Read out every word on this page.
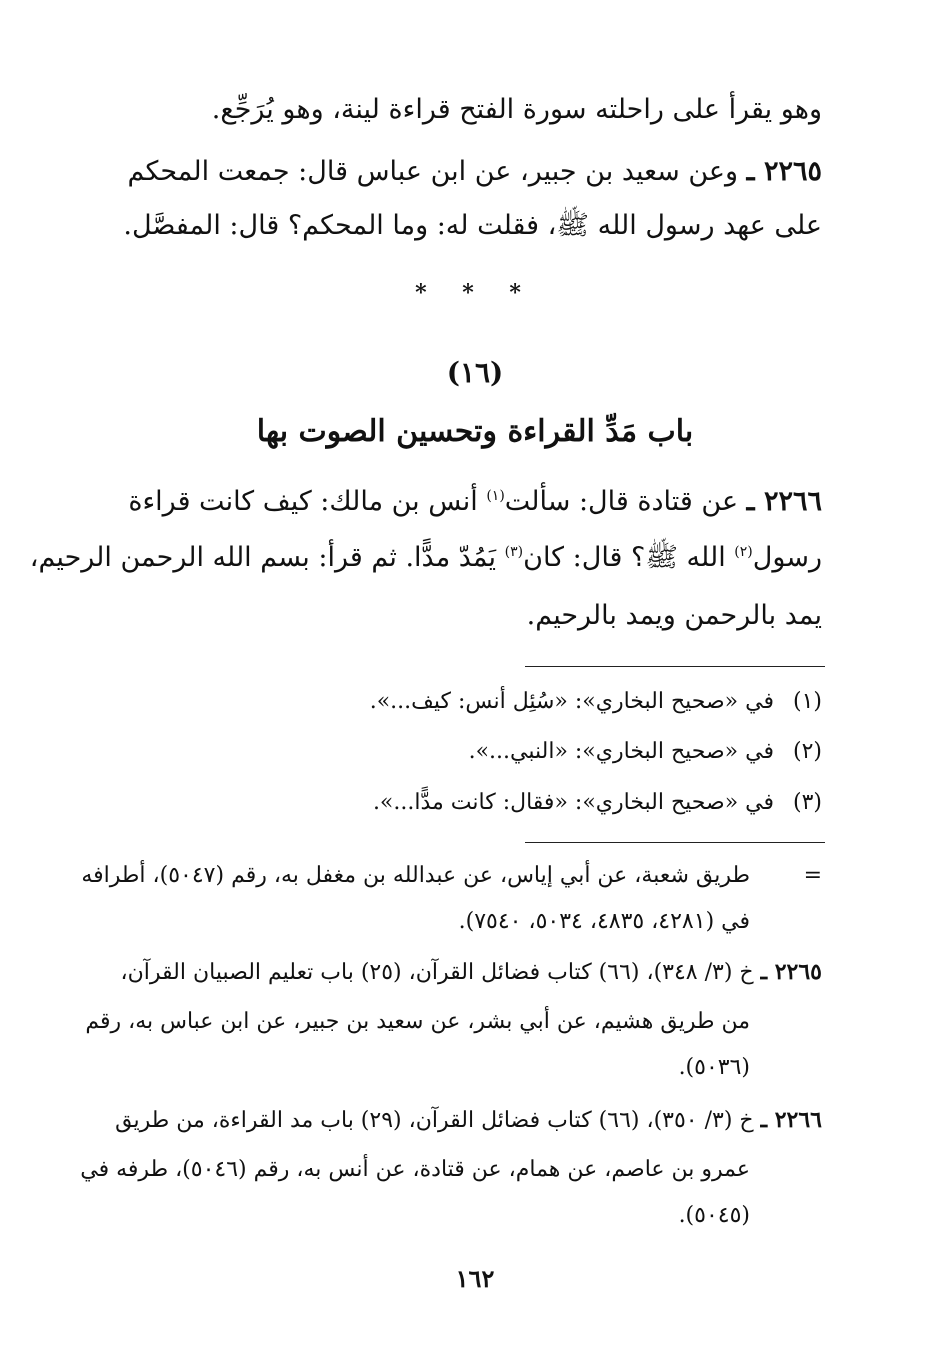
وهو يقرأ على راحلته سورة الفتح قراءة لينة، وهو يُرَجِّع.
٢٢٦٥ ـ وعن سعيد بن جبير، عن ابن عباس قال: جمعت المحكم
على عهد رسول الله ﷺ، فقلت له: وما المحكم؟ قال: المفصَّل.
* * *
(١٦)
باب مَدِّ القراءة وتحسين الصوت بها
٢٢٦٦ ـ عن قتادة قال: سألت$^{(١)}$ أنس بن مالك: كيف كانت قراءة
رسول$^{(٢)}$ الله ﷺ؟ قال: كان$^{(٣)}$ يَمُدّ مدًّا. ثم قرأ: بسم الله الرحمن الرحيم،
يمد بالرحمن ويمد بالرحيم.
(١)في «صحيح البخاري»: «سُئِل أنس: كيف...».
(٢)في «صحيح البخاري»: «النبي...».
(٣)في «صحيح البخاري»: «فقال: كانت مدًّا...».
=
طريق شعبة، عن أبي إياس، عن عبدالله بن مغفل به، رقم (٥٠٤٧)، أطرافه
في (٤٢٨١، ٤٨٣٥، ٥٠٣٤، ٧٥٤٠).
٢٢٦٥ ـ خ (٣/ ٣٤٨)، (٦٦) كتاب فضائل القرآن، (٢٥) باب تعليم الصبيان القرآن،
من طريق هشيم، عن أبي بشر، عن سعيد بن جبير، عن ابن عباس به، رقم
(٥٠٣٦).
٢٢٦٦ ـ خ (٣/ ٣٥٠)، (٦٦) كتاب فضائل القرآن، (٢٩) باب مد القراءة، من طريق
عمرو بن عاصم، عن همام، عن قتادة، عن أنس به، رقم (٥٠٤٦)، طرفه في
(٥٠٤٥).
١٦٢
